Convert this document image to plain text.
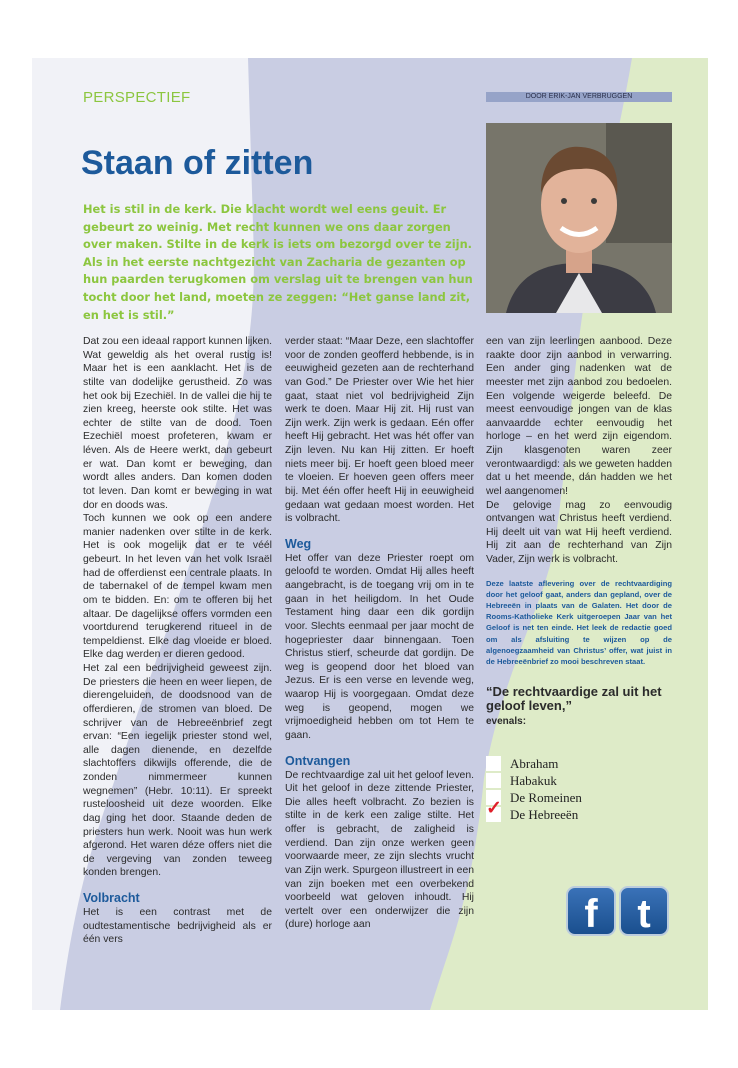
PERSPECTIEF	DOOR ERIK-JAN VERBRUGGEN
Staan of zitten

Het is stil in de kerk. Die klacht wordt wel eens geuit. Er gebeurt zo weinig. Met recht kunnen we ons daar zorgen over maken. Stilte in de kerk is iets om bezorgd over te zijn. Als in het eerste nachtgezicht van Zacharia de gezanten op hun paarden terugkomen om verslag uit te brengen van hun tocht door het land, moeten ze zeggen: “Het ganse land zit, en het is stil.”

Dat zou een ideaal rapport kunnen lijken. Wat geweldig als het overal rustig is! Maar het is een aanklacht. Het is de stilte van dodelijke gerustheid. Zo was het ook bij Ezechiël. In de vallei die hij te zien kreeg, heerste ook stilte. Het was echter de stilte van de dood. Toen Ezechiël moest profeteren, kwam er léven. Als de Heere werkt, dan gebeurt er wat. Dan komt er beweging, dan wordt alles anders. Dan komen doden tot leven. Dan komt er beweging in wat dor en doods was.

Toch kunnen we ook op een andere manier nadenken over stilte in de kerk. Het is ook mogelijk dat er te véél gebeurt. In het leven van het volk Israël had de offerdienst een centrale plaats. In de tabernakel of de tempel kwam men om te bidden. En: om te offeren bij het altaar. De dagelijkse offers vormden een voortdurend terugkerend ritueel in de tempeldienst. Elke dag vloeide er bloed. Elke dag werden er dieren gedood.

Het zal een bedrijvigheid geweest zijn. De priesters die heen en weer liepen, de dierengeluiden, de doodsnood van de offerdieren, de stromen van bloed. De schrijver van de Hebreeënbrief zegt ervan: “Een iegelijk priester stond wel, alle dagen dienende, en dezelfde slachtoffers dikwijls offerende, die de zonden nimmermeer kunnen wegnemen” (Hebr. 10:11). Er spreekt rusteloosheid uit deze woorden. Elke dag ging het door. Staande deden de priesters hun werk. Nooit was hun werk afgerond. Het waren déze offers niet die de vergeving van zonden teweeg konden brengen.

Volbracht

Het is een contrast met de oudtestamentische bedrijvigheid als er één vers

verder staat: “Maar Deze, een slachtoffer voor de zonden geofferd hebbende, is in eeuwigheid gezeten aan de rechterhand van God.” De Priester over Wie het hier gaat, staat niet vol bedrijvigheid Zijn werk te doen. Maar Hij zit. Hij rust van Zijn werk. Zijn werk is gedaan. Eén offer heeft Hij gebracht. Het was hét offer van Zijn leven. Nu kan Hij zitten. Er hoeft niets meer bij. Er hoeft geen bloed meer te vloeien. Er hoeven geen offers meer bij. Met één offer heeft Hij in eeuwigheid gedaan wat gedaan moest worden. Het is volbracht.

Weg

Het offer van deze Priester roept om geloofd te worden. Omdat Hij alles heeft aangebracht, is de toegang vrij om in te gaan in het heiligdom. In het Oude Testament hing daar een dik gordijn voor. Slechts eenmaal per jaar mocht de hogepriester daar binnengaan. Toen Christus stierf, scheurde dat gordijn. De weg is geopend door het bloed van Jezus. Er is een verse en levende weg, waarop Hij is voorgegaan. Omdat deze weg is geopend, mogen we vrijmoedigheid hebben om tot Hem te gaan.

Ontvangen

De rechtvaardige zal uit het geloof leven. Uit het geloof in deze zittende Priester, Die alles heeft volbracht. Zo bezien is stilte in de kerk een zalige stilte. Het offer is gebracht, de zaligheid is verdiend. Dan zijn onze werken geen voorwaarde meer, ze zijn slechts vrucht van Zijn werk. Spurgeon illustreert in een van zijn boeken met een overbekend voorbeeld wat geloven inhoudt. Hij vertelt over een onderwijzer die zijn (dure) horloge aan

een van zijn leerlingen aanbood. Deze raakte door zijn aanbod in verwarring. Een ander ging nadenken wat de meester met zijn aanbod zou bedoelen. Een volgende weigerde beleefd. De meest eenvoudige jongen van de klas aanvaardde echter eenvoudig het horloge – en het werd zijn eigendom. Zijn klasgenoten waren zeer verontwaardigd: als we geweten hadden dat u het meende, dán hadden we het wel aangenomen!

De gelovige mag zo eenvoudig ontvangen wat Christus heeft verdiend. Hij deelt uit van wat Hij heeft verdiend. Hij zit aan de rechterhand van Zijn Vader, Zijn werk is volbracht.

Deze laatste aflevering over de rechtvaardiging door het geloof gaat, anders dan gepland, over de Hebreeën in plaats van de Galaten. Het door de Rooms-Katholieke Kerk uitgeroepen Jaar van het Geloof is net ten einde. Het leek de redactie goed om als afsluiting te wijzen op de algenoegzaamheid van Christus’ offer, wat juist in de Hebreeënbrief zo mooi beschreven staat.

“De rechtvaardige zal uit het geloof leven,”

evenals:

Abraham
Habakuk
De Romeinen
✓ De Hebreeën
f t
